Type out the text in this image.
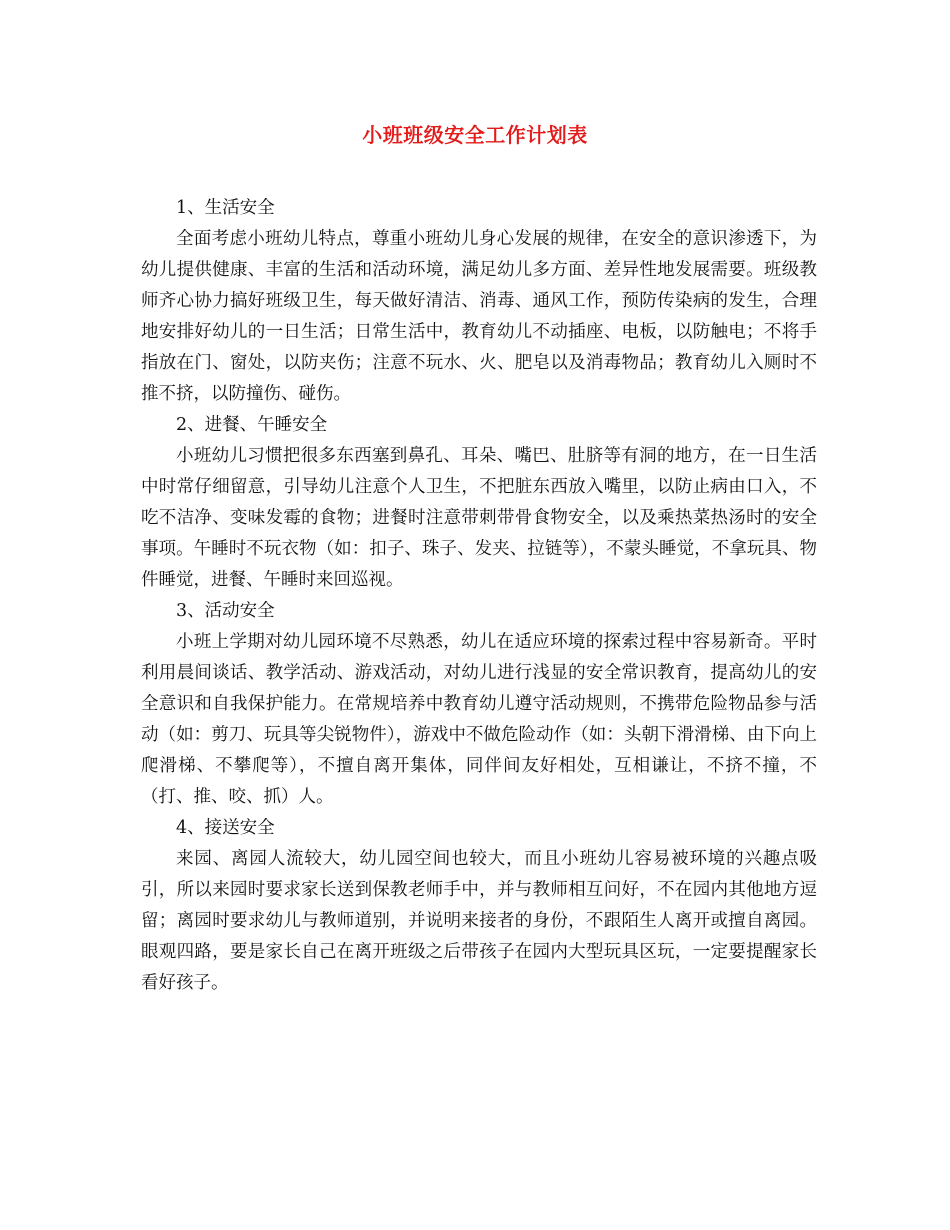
小班班级安全工作计划表

1、生活安全

全面考虑小班幼儿特点，尊重小班幼儿身心发展的规律，在安全的意识渗透下，为幼儿提供健康、丰富的生活和活动环境，满足幼儿多方面、差异性地发展需要。班级教师齐心协力搞好班级卫生，每天做好清洁、消毒、通风工作，预防传染病的发生，合理地安排好幼儿的一日生活；日常生活中，教育幼儿不动插座、电板，以防触电；不将手指放在门、窗处，以防夹伤；注意不玩水、火、肥皂以及消毒物品；教育幼儿入厕时不推不挤，以防撞伤、碰伤。

2、进餐、午睡安全

小班幼儿习惯把很多东西塞到鼻孔、耳朵、嘴巴、肚脐等有洞的地方，在一日生活中时常仔细留意，引导幼儿注意个人卫生，不把脏东西放入嘴里，以防止病由口入，不吃不洁净、变味发霉的食物；进餐时注意带刺带骨食物安全，以及乘热菜热汤时的安全事项。午睡时不玩衣物（如：扣子、珠子、发夹、拉链等），不蒙头睡觉，不拿玩具、物件睡觉，进餐、午睡时来回巡视。

3、活动安全

小班上学期对幼儿园环境不尽熟悉，幼儿在适应环境的探索过程中容易新奇。平时利用晨间谈话、教学活动、游戏活动，对幼儿进行浅显的安全常识教育，提高幼儿的安全意识和自我保护能力。在常规培养中教育幼儿遵守活动规则，不携带危险物品参与活动（如：剪刀、玩具等尖锐物件），游戏中不做危险动作（如：头朝下滑滑梯、由下向上爬滑梯、不攀爬等），不擅自离开集体，同伴间友好相处，互相谦让，不挤不撞，不（打、推、咬、抓）人。

4、接送安全

来园、离园人流较大，幼儿园空间也较大，而且小班幼儿容易被环境的兴趣点吸引，所以来园时要求家长送到保教老师手中，并与教师相互问好，不在园内其他地方逗留；离园时要求幼儿与教师道别，并说明来接者的身份，不跟陌生人离开或擅自离园。眼观四路，要是家长自己在离开班级之后带孩子在园内大型玩具区玩，一定要提醒家长看好孩子。
